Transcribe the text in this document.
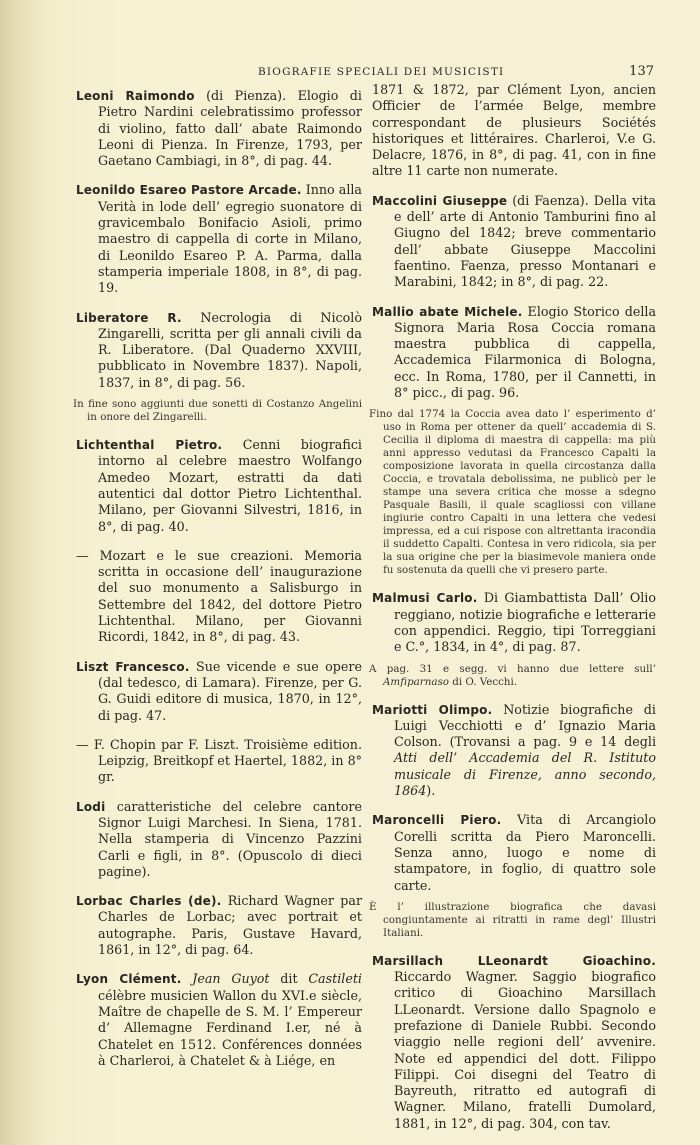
BIOGRAFIE SPECIALI DEI MUSICISTI	137

Leoni Raimondo (di Pienza). Elogio di Pietro Nardini celebratissimo professor di violino, fatto dall’ abate Raimondo Leoni di Pienza. In Firenze, 1793, per Gaetano Cambiagi, in 8°, di pag. 44.

Leonildo Esareo Pastore Arcade. Inno alla Verità in lode dell’ egregio suonatore di gravicembalo Bonifacio Asioli, primo maestro di cappella di corte in Milano, di Leonildo Esareo P. A. Parma, dalla stamperia imperiale 1808, in 8°, di pag. 19.

Liberatore R. Necrologia di Nicolò Zingarelli, scritta per gli annali civili da R. Liberatore. (Dal Quaderno XXVIII, pubblicato in Novembre 1837). Napoli, 1837, in 8°, di pag. 56.

In fine sono aggiunti due sonetti di Costanzo Angelini in onore del Zingarelli.

Lichtenthal Pietro. Cenni biografici intorno al celebre maestro Wolfango Amedeo Mozart, estratti da dati autentici dal dottor Pietro Lichtenthal. Milano, per Giovanni Silvestri, 1816, in 8°, di pag. 40.

— Mozart e le sue creazioni. Memoria scritta in occasione dell’ inaugurazione del suo monumento a Salisburgo in Settembre del 1842, del dottore Pietro Lichtenthal. Milano, per Giovanni Ricordi, 1842, in 8°, di pag. 43.

Liszt Francesco. Sue vicende e sue opere (dal tedesco, di Lamara). Firenze, per G. G. Guidi editore di musica, 1870, in 12°, di pag. 47.

— F. Chopin par F. Liszt. Troisième edition. Leipzig, Breitkopf et Haertel, 1882, in 8° gr.

Lodi caratteristiche del celebre cantore Signor Luigi Marchesi. In Siena, 1781. Nella stamperia di Vincenzo Pazzini Carli e figli, in 8°. (Opuscolo di dieci pagine).

Lorbac Charles (de). Richard Wagner par Charles de Lorbac; avec portrait et autographe. Paris, Gustave Havard, 1861, in 12°, di pag. 64.

Lyon Clément. Jean Guyot dit Castileti célèbre musicien Wallon du XVI.e siècle, Maître de chapelle de S. M. l’ Empereur d’ Allemagne Ferdinand I.er, né à Chatelet en 1512. Conférences données à Charleroi, à Chatelet & à Liége, en

1871 & 1872, par Clément Lyon, ancien Officier de l’armée Belge, membre correspondant de plusieurs Sociétés historiques et littéraires. Charleroi, V.e G. Delacre, 1876, in 8°, di pag. 41, con in fine altre 11 carte non numerate.

Maccolini Giuseppe (di Faenza). Della vita e dell’ arte di Antonio Tamburini fino al Giugno del 1842; breve commentario dell’ abbate Giuseppe Maccolini faentino. Faenza, presso Montanari e Marabini, 1842; in 8°, di pag. 22.

Mallio abate Michele. Elogio Storico della Signora Maria Rosa Coccia romana maestra pubblica di cappella, Accademica Filarmonica di Bologna, ecc. In Roma, 1780, per il Cannetti, in 8° picc., di pag. 96.

Fino dal 1774 la Coccia avea dato l’ esperimento d’ uso in Roma per ottener da quell’ accademia di S. Cecilia il diploma di maestra di cappella: ma più anni appresso vedutasi da Francesco Capalti la composizione lavorata in quella circostanza dalla Coccia, e trovatala debolissima, ne publicò per le stampe una severa critica che mosse a sdegno Pasquale Basili, il quale scagliossi con villane ingiurie contro Capalti in una lettera che vedesi impressa, ed a cui rispose con altrettanta iracondia il suddetto Capalti. Contesa in vero ridicola, sia per la sua origine che per la biasimevole maniera onde fu sostenuta da quelli che vi presero parte.

Malmusi Carlo. Di Giambattista Dall’ Olio reggiano, notizie biografiche e letterarie con appendici. Reggio, tipi Torreggiani e C.°, 1834, in 4°, di pag. 87.

A pag. 31 e segg. vi hanno due lettere sull’ Amfiparnaso di O. Vecchi.

Mariotti Olimpo. Notizie biografiche di Luigi Vecchiotti e d’ Ignazio Maria Colson. (Trovansi a pag. 9 e 14 degli Atti dell’ Accademia del R. Istituto musicale di Firenze, anno secondo, 1864).

Maroncelli Piero. Vita di Arcangiolo Corelli scritta da Piero Maroncelli. Senza anno, luogo e nome di stampatore, in foglio, di quattro sole carte.

È l’ illustrazione biografica che davasi congiuntamente ai ritratti in rame degl’ Illustri Italiani.

Marsillach LLeonardt Gioachino. Riccardo Wagner. Saggio biografico critico di Gioachino Marsillach LLeonardt. Versione dallo Spagnolo e prefazione di Daniele Rubbi. Secondo viaggio nelle regioni dell’ avvenire. Note ed appendici del dott. Filippo Filippi. Coi disegni del Teatro di Bayreuth, ritratto ed autografi di Wagner. Milano, fratelli Dumolard, 1881, in 12°, di pag. 304, con tav.
